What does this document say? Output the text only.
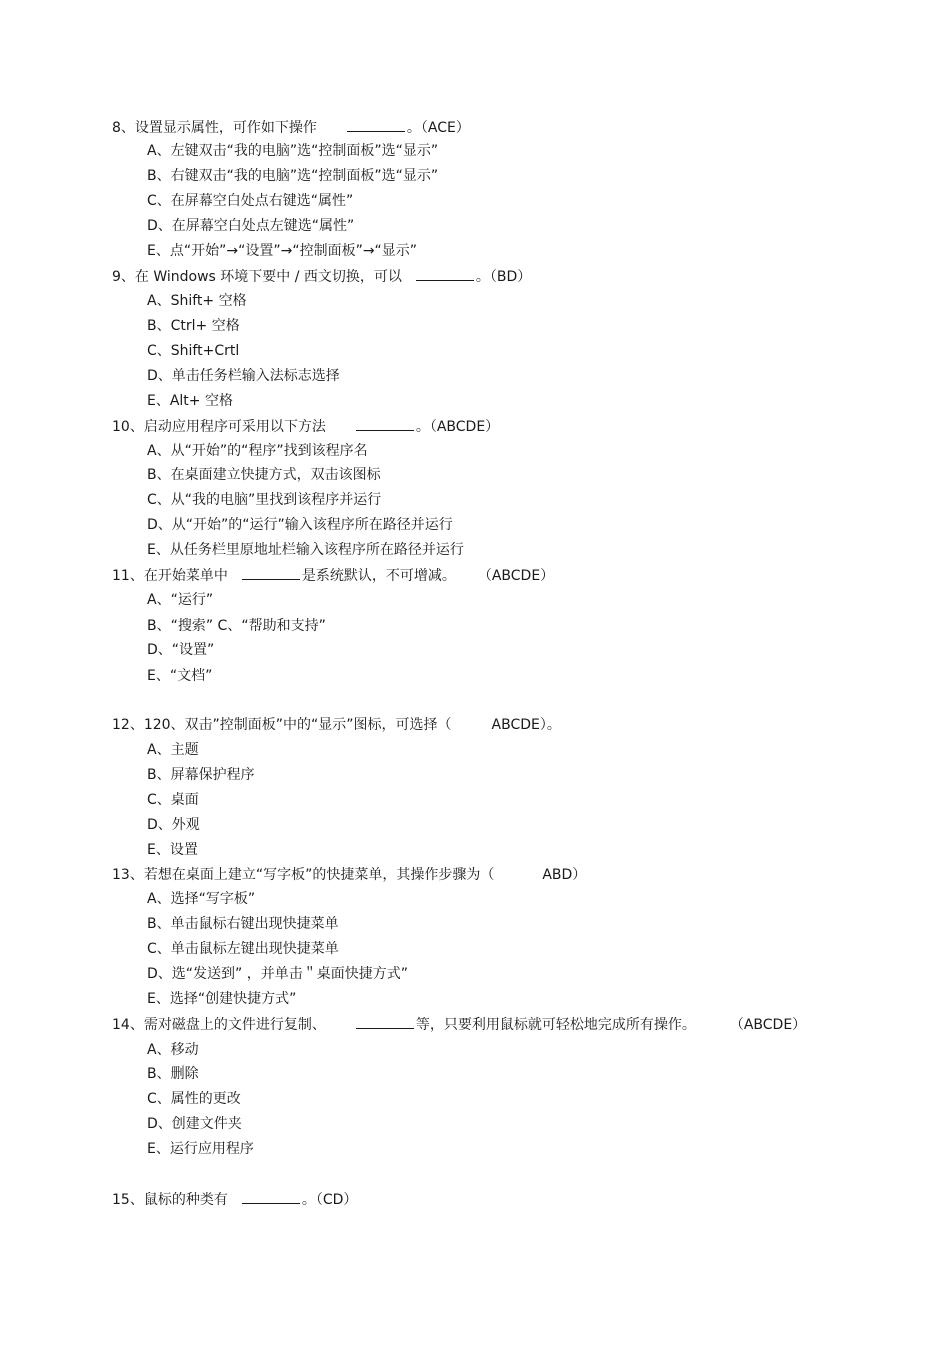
8、设置显示属性，可作如下操作	。（ACE）
A、左键双击“我的电脑”选“控制面板”选“显示”
B、右键双击“我的电脑”选“控制面板”选“显示”
C、在屏幕空白处点右键选“属性”
D、在屏幕空白处点左键选“属性”
E、点“开始”→“设置”→“控制面板”→“显示”
9、在 Windows 环境下要中 / 西文切换，可以	。（BD）
A、Shift+ 空格
B、Ctrl+ 空格
C、Shift+Crtl
D、单击任务栏输入法标志选择
E、Alt+ 空格
10、启动应用程序可采用以下方法	。（ABCDE）
A、从“开始”的“程序”找到该程序名
B、在桌面建立快捷方式，双击该图标
C、从“我的电脑”里找到该程序并运行
D、从“开始”的“运行”输入该程序所在路径并运行
E、从任务栏里原地址栏输入该程序所在路径并运行
11、在开始菜单中	是系统默认，不可增减。 （ABCDE）
A、“运行”
B、“搜索” C、“帮助和支持”
D、“设置”
E、“文档”
12、120、双击”控制面板”中的“显示”图标，可选择（	ABCDE）。
A、主题
B、屏幕保护程序
C、桌面
D、外观
E、设置
13、若想在桌面上建立“写字板”的快捷菜单，其操作步骤为（	ABD）
A、选择“写字板”
B、单击鼠标右键出现快捷菜单
C、单击鼠标左键出现快捷菜单
D、选“发送到” ，并单击＂桌面快捷方式”
E、选择“创建快捷方式”
14、需对磁盘上的文件进行复制、	等，只要利用鼠标就可轻松地完成所有操作。 （ABCDE）
A、移动
B、删除
C、属性的更改
D、创建文件夹
E、运行应用程序
15、鼠标的种类有	。（CD）
